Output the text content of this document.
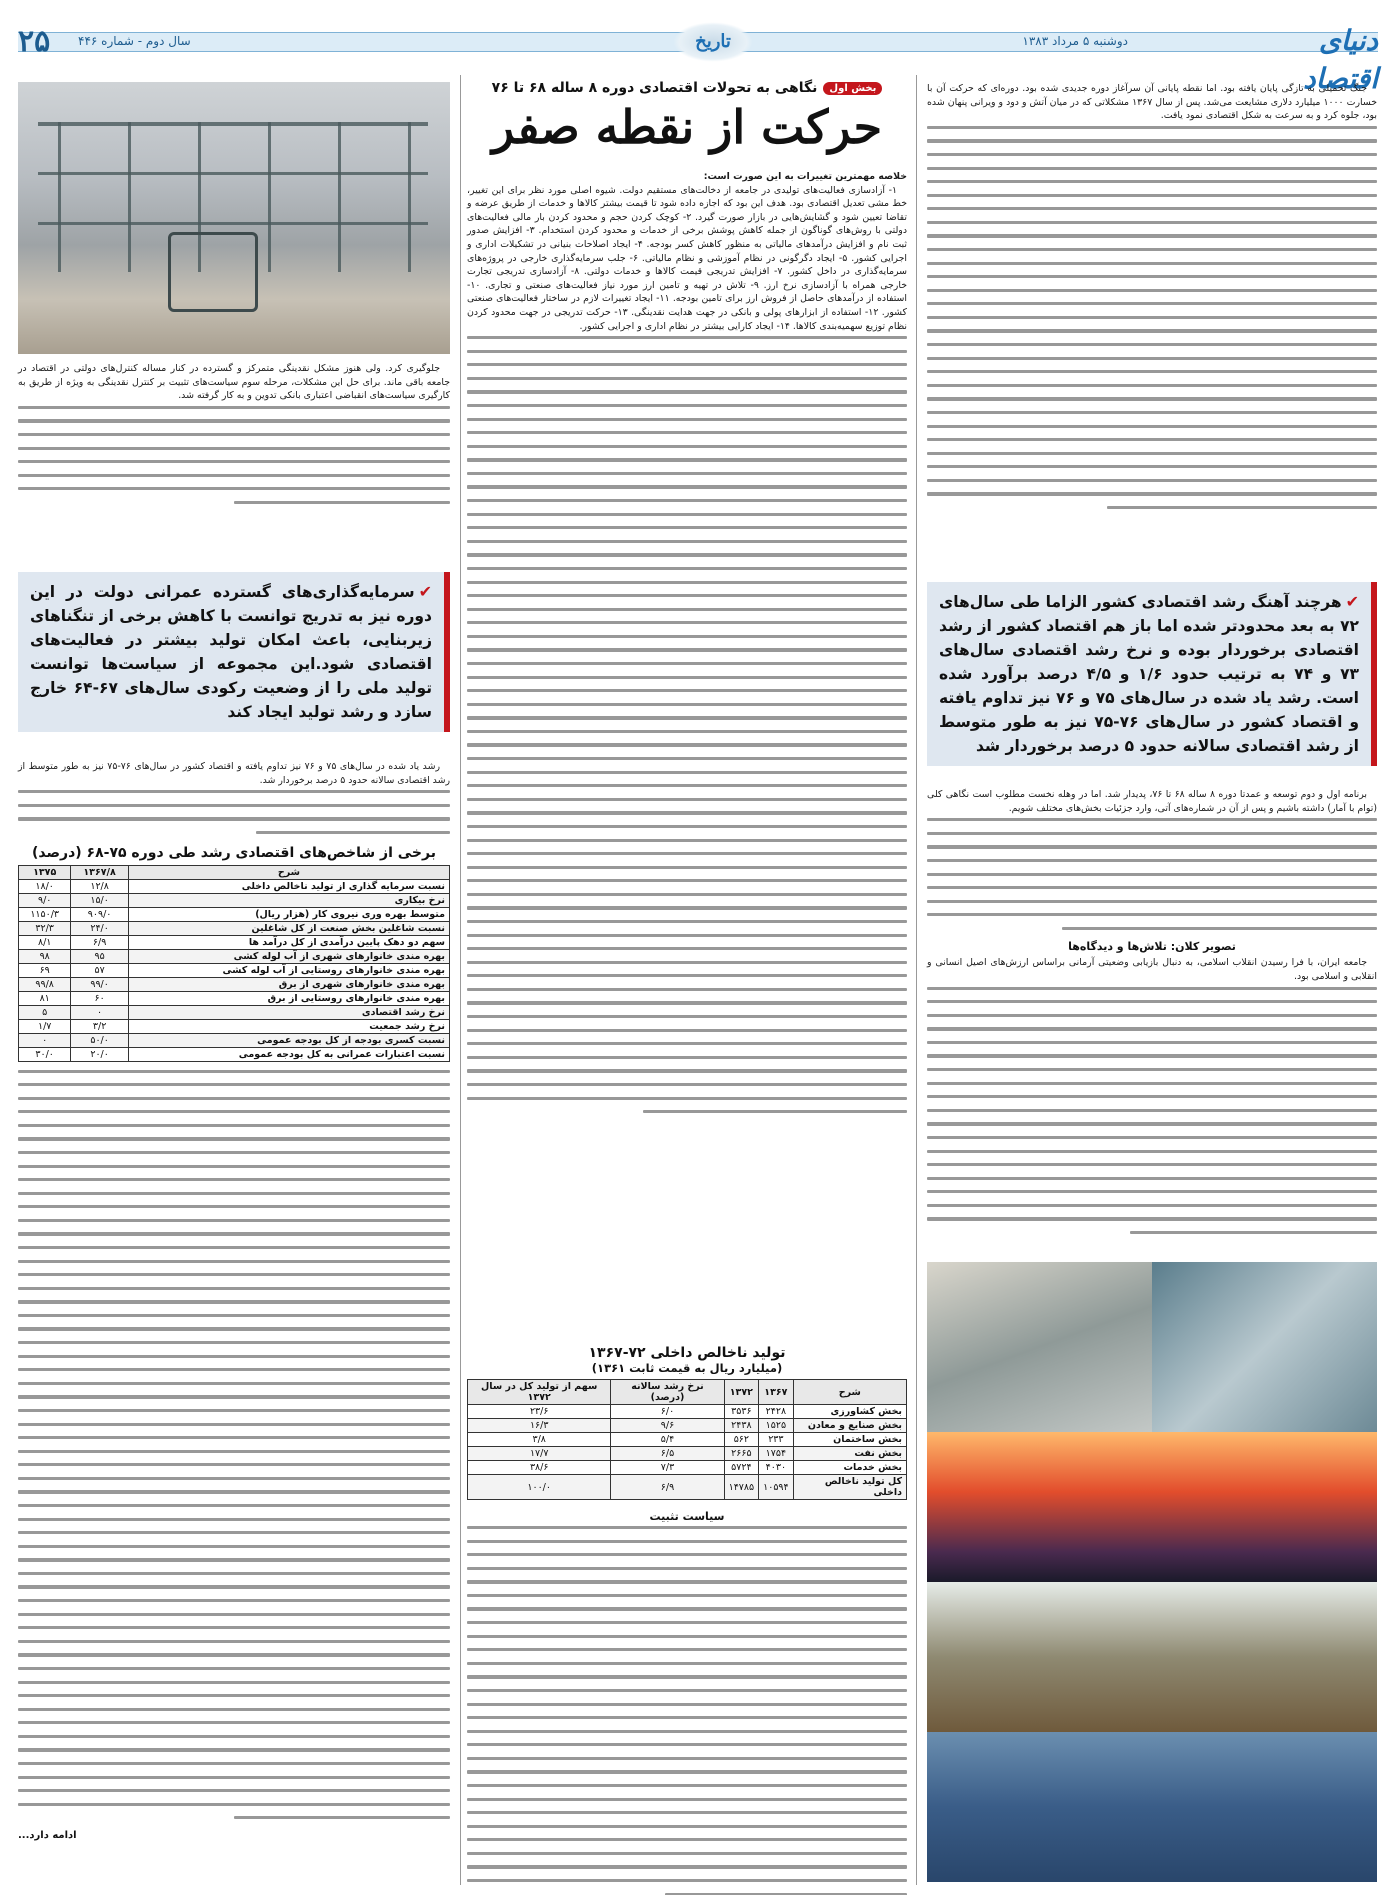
دنیای اقتصاد
دوشنبه ۵ مرداد ۱۳۸۳
تاریخ
سال دوم - شماره ۴۴۶
۲۵

جنگ تحمیلی به تازگی پایان یافته بود. اما نقطه پایانی آن سرآغاز دوره جدیدی شده بود. دوره‌ای که حرکت آن با خسارت ۱۰۰۰ میلیارد دلاری مشایعت می‌شد. پس از سال ۱۳۶۷ مشکلاتی که در میان آتش و دود و ویرانی پنهان شده بود، جلوه کرد و به سرعت به شکل اقتصادی نمود یافت.

✔هرچند آهنگ رشد اقتصادی کشور الزاما طی سال‌های ۷۲ به بعد محدودتر شده اما باز هم اقتصاد کشور از رشد اقتصادی برخوردار بوده و نرخ رشد اقتصادی سال‌های ۷۳ و ۷۴ به ترتیب حدود ۱/۶ و ۴/۵ درصد برآورد شده است. رشد یاد شده در سال‌های ۷۵ و ۷۶ نیز تداوم یافته و اقتصاد کشور در سال‌های ۷۶-۷۵ نیز به طور متوسط از رشد اقتصادی سالانه حدود ۵ درصد برخوردار شد

برنامه اول و دوم توسعه و عمدتا دوره ۸ ساله ۶۸ تا ۷۶، پدیدار شد. اما در وهله نخست مطلوب است نگاهی کلی (توام با آمار) داشته باشیم و پس از آن در شماره‌های آتی، وارد جزئیات بخش‌های مختلف شویم.

تصویر کلان: تلاش‌ها و دیدگاه‌ها

جامعه ایران، با فرا رسیدن انقلاب اسلامی، به دنبال بازیابی وضعیتی آرمانی براساس ارزش‌های اصیل انسانی و انقلابی و اسلامی بود.

بخش اولنگاهی به تحولات اقتصادی دوره ۸ ساله ۶۸ تا ۷۶
حرکت از نقطه صفر
خلاصه مهمترین تغییرات به این صورت است:

۱- آزادسازی فعالیت‌های تولیدی در جامعه از دخالت‌های مستقیم دولت. شیوه اصلی مورد نظر برای این تغییر، خط مشی تعدیل اقتصادی بود. هدف این بود که اجازه داده شود تا قیمت بیشتر کالاها و خدمات از طریق عرضه و تقاضا تعیین شود و گشایش‌هایی در بازار صورت گیرد. ۲- کوچک کردن حجم و محدود کردن بار مالی فعالیت‌های دولتی با روش‌های گوناگون از جمله کاهش پوشش برخی از خدمات و محدود کردن استخدام. ۳- افزایش صدور ثبت نام و افزایش درآمدهای مالیاتی به منظور کاهش کسر بودجه. ۴- ایجاد اصلاحات بنیانی در تشکیلات اداری و اجرایی کشور. ۵- ایجاد دگرگونی در نظام آموزشی و نظام مالیاتی. ۶- جلب سرمایه‌گذاری خارجی در پروژه‌های سرمایه‌گذاری در داخل کشور. ۷- افزایش تدریجی قیمت کالاها و خدمات دولتی. ۸- آزادسازی تدریجی تجارت خارجی همراه با آزادسازی نرخ ارز. ۹- تلاش در تهیه و تامین ارز مورد نیاز فعالیت‌های صنعتی و تجاری. ۱۰- استفاده از درآمدهای حاصل از فروش ارز برای تامین بودجه. ۱۱- ایجاد تغییرات لازم در ساختار فعالیت‌های صنعتی کشور. ۱۲- استفاده از ابزارهای پولی و بانکی در جهت هدایت نقدینگی. ۱۳- حرکت تدریجی در جهت محدود کردن نظام توزیع سهمیه‌بندی کالاها. ۱۴- ایجاد کارایی بیشتر در نظام اداری و اجرایی کشور.

تولید ناخالص داخلی ۷۲-۱۳۶۷
(میلیارد ریال به قیمت ثابت ۱۳۶۱)
شرح	۱۳۶۷	۱۳۷۲	نرخ رشد سالانه (درصد)	سهم از تولید کل در سال ۱۳۷۲
بخش کشاورزی	۲۴۲۸	۳۵۳۶	۶/۰	۲۳/۶
بخش صنایع و معادن	۱۵۲۵	۲۴۳۸	۹/۶	۱۶/۳
بخش ساختمان	۲۳۳	۵۶۲	۵/۴	۳/۸
بخش نفت	۱۷۵۴	۲۶۶۵	۶/۵	۱۷/۷
بخش خدمات	۴۰۳۰	۵۷۲۴	۷/۳	۳۸/۶
کل تولید ناخالص داخلی	۱۰۵۹۴	۱۴۷۸۵	۶/۹	۱۰۰/۰
سیاست تثبیت

جلوگیری کرد. ولی هنوز مشکل نقدینگی متمرکز و گسترده در کنار مساله کنترل‌های دولتی در اقتصاد در جامعه باقی ماند. برای حل این مشکلات، مرحله سوم سیاست‌های تثبیت بر کنترل نقدینگی به ویژه از طریق به کارگیری سیاست‌های انقباضی اعتباری بانکی تدوین و به کار گرفته شد.

✔سرمایه‌گذاری‌های گسترده عمرانی دولت در این دوره نیز به تدریج توانست با کاهش برخی از تنگناهای زیربنایی، باعث امکان تولید بیشتر در فعالیت‌های اقتصادی شود.این مجموعه از سیاست‌ها توانست تولید ملی را از وضعیت رکودی سال‌های ۶۷-۶۴ خارج سازد و رشد تولید ایجاد کند

رشد یاد شده در سال‌های ۷۵ و ۷۶ نیز تداوم یافته و اقتصاد کشور در سال‌های ۷۶-۷۵ نیز به طور متوسط از رشد اقتصادی سالانه حدود ۵ درصد برخوردار شد.

برخی از شاخص‌های اقتصادی رشد طی دوره ۷۵-۶۸ (درصد)
شرح	۱۳۶۷/۸	۱۳۷۵
نسبت سرمایه گذاری از تولید ناخالص داخلی	۱۲/۸	۱۸/۰
نرخ بیکاری	۱۵/۰	۹/۰
متوسط بهره وری نیروی کار (هزار ریال)	۹۰۹/۰	۱۱۵۰/۳
نسبت شاغلین بخش صنعت از کل شاغلین	۲۴/۰	۳۲/۳
سهم دو دهک پایین درآمدی از کل درآمد ها	۶/۹	۸/۱
بهره مندی خانوارهای شهری از آب لوله کشی	۹۵	۹۸
بهره مندی خانوارهای روستایی از آب لوله کشی	۵۷	۶۹
بهره مندی خانوارهای شهری از برق	۹۹/۰	۹۹/۸
بهره مندی خانوارهای روستایی از برق	۶۰	۸۱
نرخ رشد اقتصادی	۰	۵
نرخ رشد جمعیت	۳/۲	۱/۷
نسبت کسری بودجه از کل بودجه عمومی	۵۰/۰	۰
نسبت اعتبارات عمرانی به کل بودجه عمومی	۲۰/۰	۳۰/۰
ادامه دارد...
